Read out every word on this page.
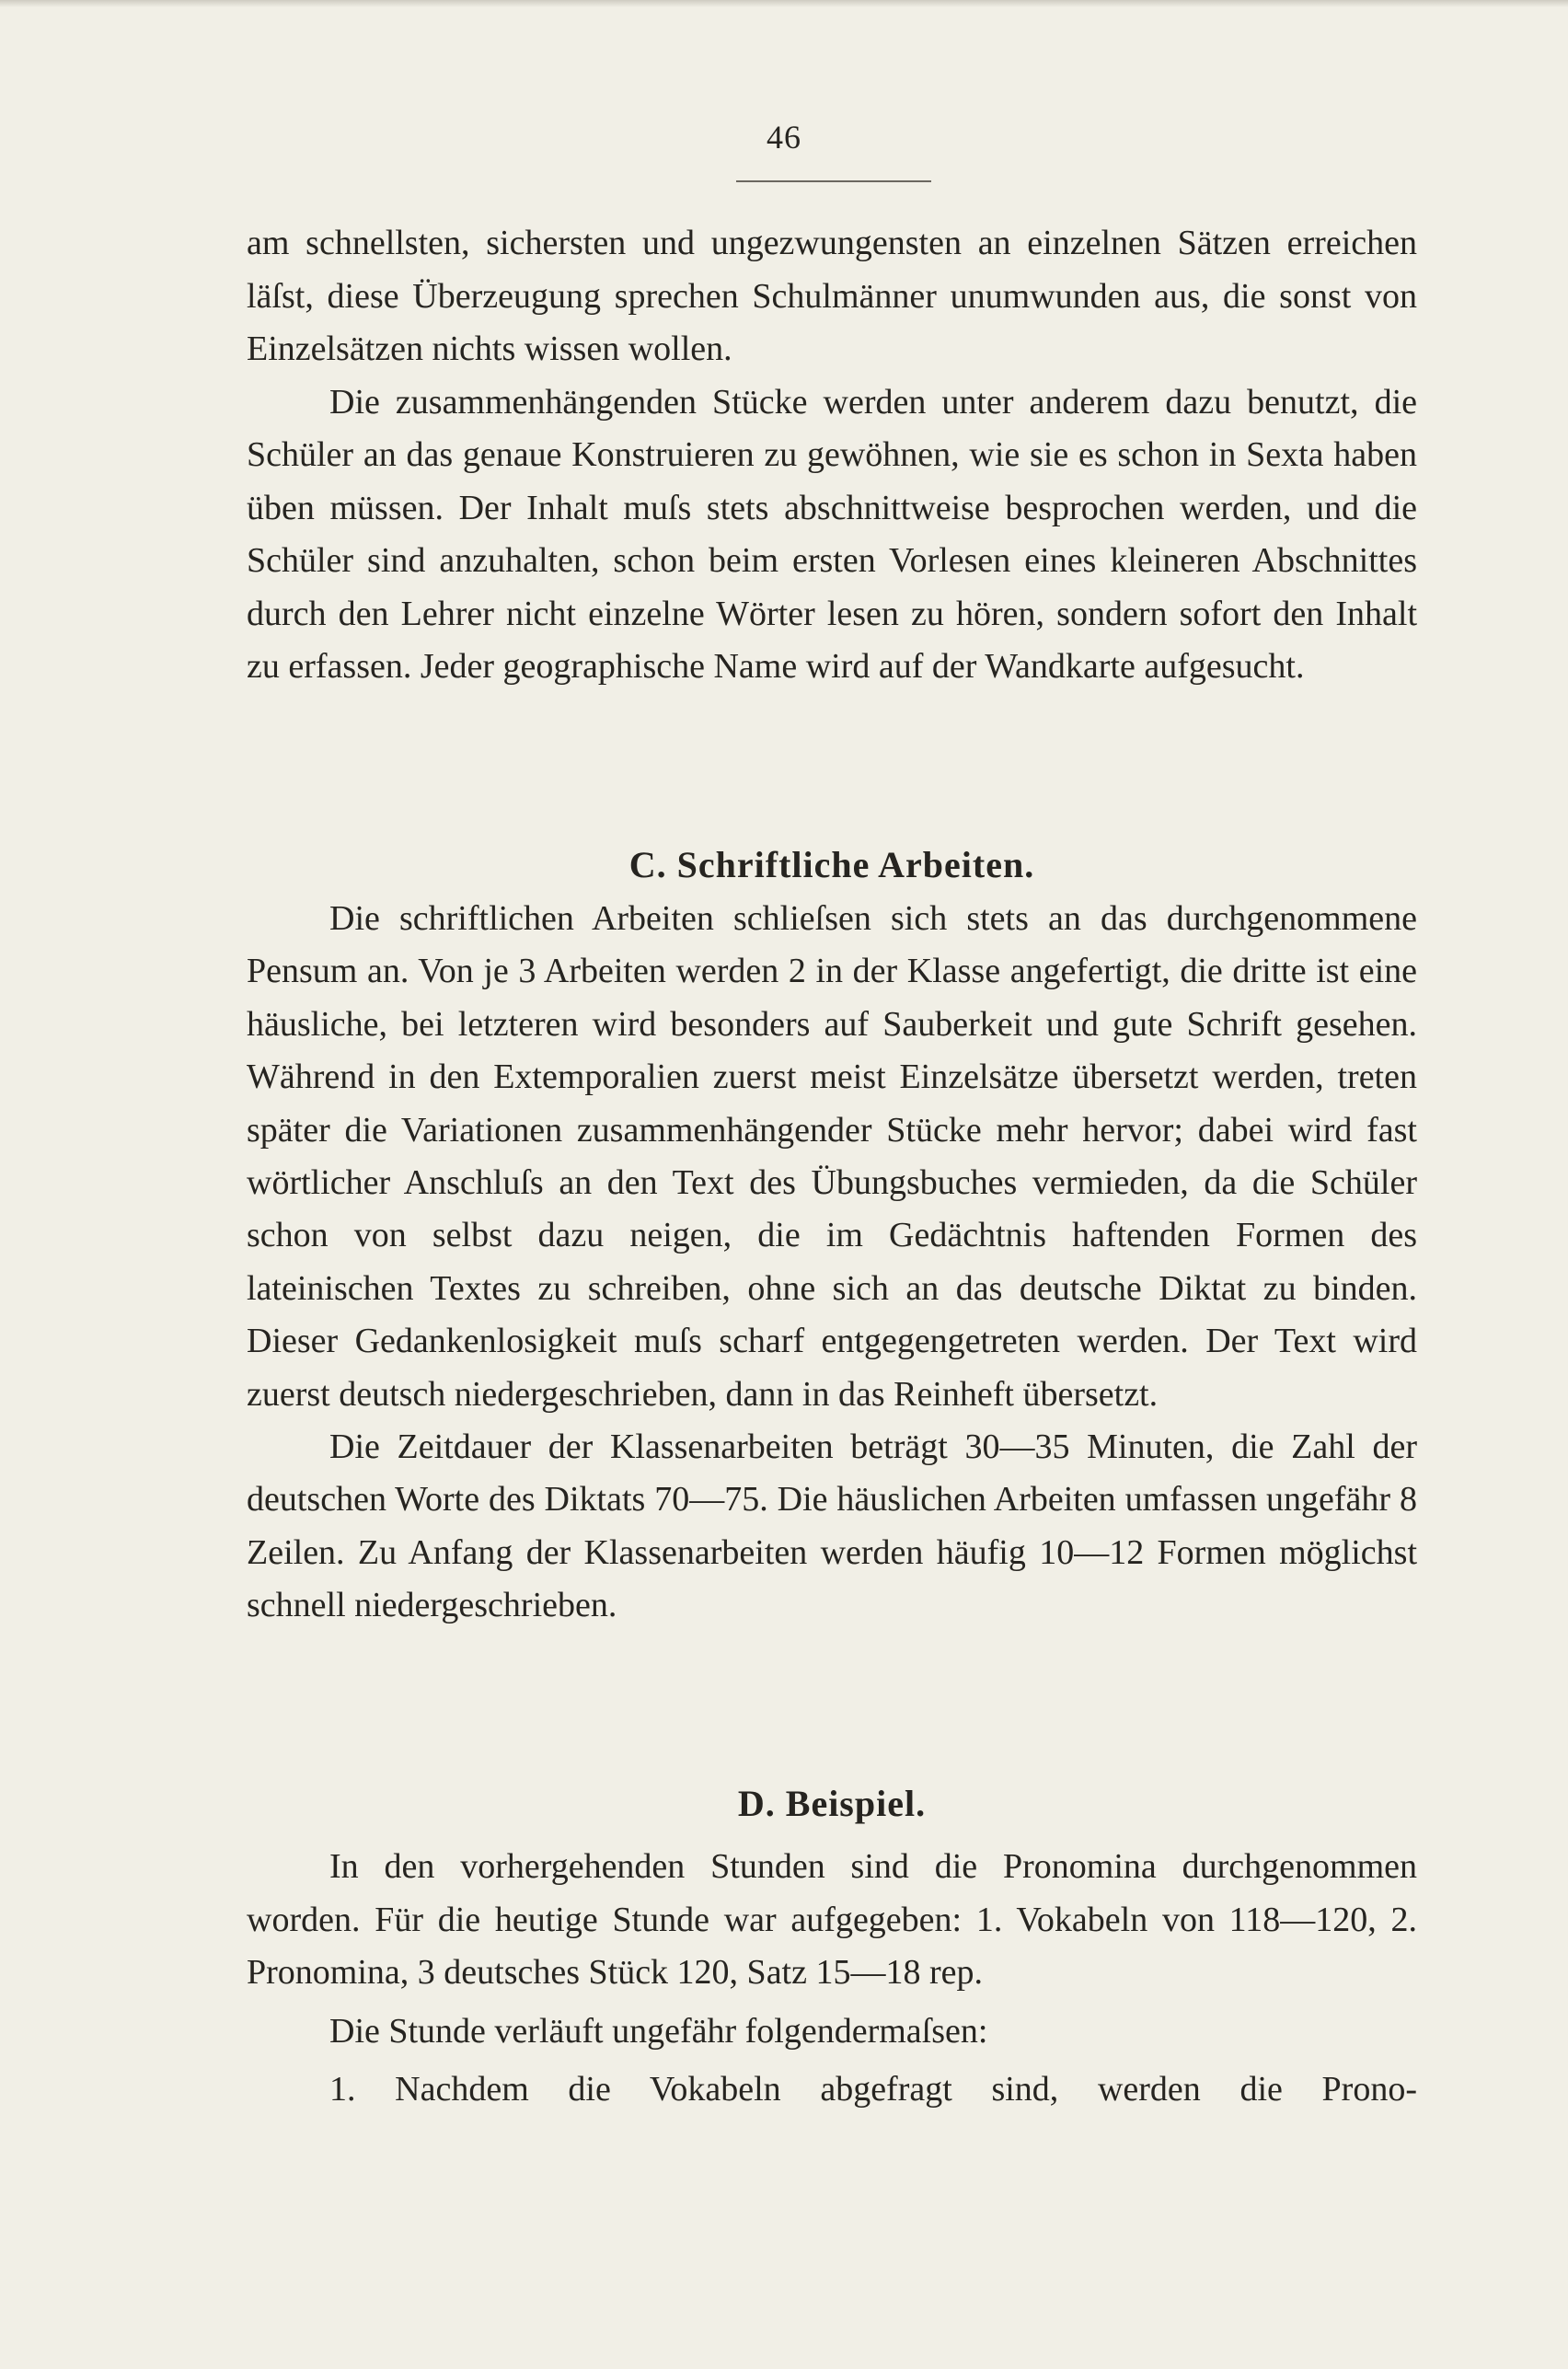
46

am schnellsten, sichersten und ungezwungensten an einzelnen Sätzen erreichen läſst, diese Überzeugung sprechen Schulmänner unumwunden aus, die sonst von Einzelsätzen nichts wissen wollen.

Die zusammenhängenden Stücke werden unter anderem dazu benutzt, die Schüler an das genaue Konstruieren zu gewöhnen, wie sie es schon in Sexta haben üben müssen. Der Inhalt muſs stets abschnittweise besprochen werden, und die Schüler sind anzuhalten, schon beim ersten Vorlesen eines kleineren Abschnittes durch den Lehrer nicht einzelne Wörter lesen zu hören, sondern sofort den Inhalt zu erfassen. Jeder geographische Name wird auf der Wandkarte aufgesucht.

C. Schriftliche Arbeiten.

Die schriftlichen Arbeiten schlieſsen sich stets an das durchgenommene Pensum an. Von je 3 Arbeiten werden 2 in der Klasse angefertigt, die dritte ist eine häusliche, bei letzteren wird besonders auf Sauberkeit und gute Schrift gesehen. Während in den Extemporalien zuerst meist Einzelsätze übersetzt werden, treten später die Variationen zusammenhängender Stücke mehr hervor; dabei wird fast wörtlicher Anschluſs an den Text des Übungsbuches vermieden, da die Schüler schon von selbst dazu neigen, die im Gedächtnis haftenden Formen des lateinischen Textes zu schreiben, ohne sich an das deutsche Diktat zu binden. Dieser Gedankenlosigkeit muſs scharf entgegengetreten werden. Der Text wird zuerst deutsch niedergeschrieben, dann in das Reinheft übersetzt.

Die Zeitdauer der Klassenarbeiten beträgt 30—35 Minuten, die Zahl der deutschen Worte des Diktats 70—75. Die häuslichen Arbeiten umfassen ungefähr 8 Zeilen. Zu Anfang der Klassenarbeiten werden häufig 10—12 Formen möglichst schnell niedergeschrieben.

D. Beispiel.

In den vorhergehenden Stunden sind die Pronomina durchgenommen worden. Für die heutige Stunde war aufgegeben: 1. Vokabeln von 118—120, 2. Pronomina, 3 deutsches Stück 120, Satz 15—18 rep.

Die Stunde verläuft ungefähr folgendermaſsen:

1. Nachdem die Vokabeln abgefragt sind, werden die Prono-
